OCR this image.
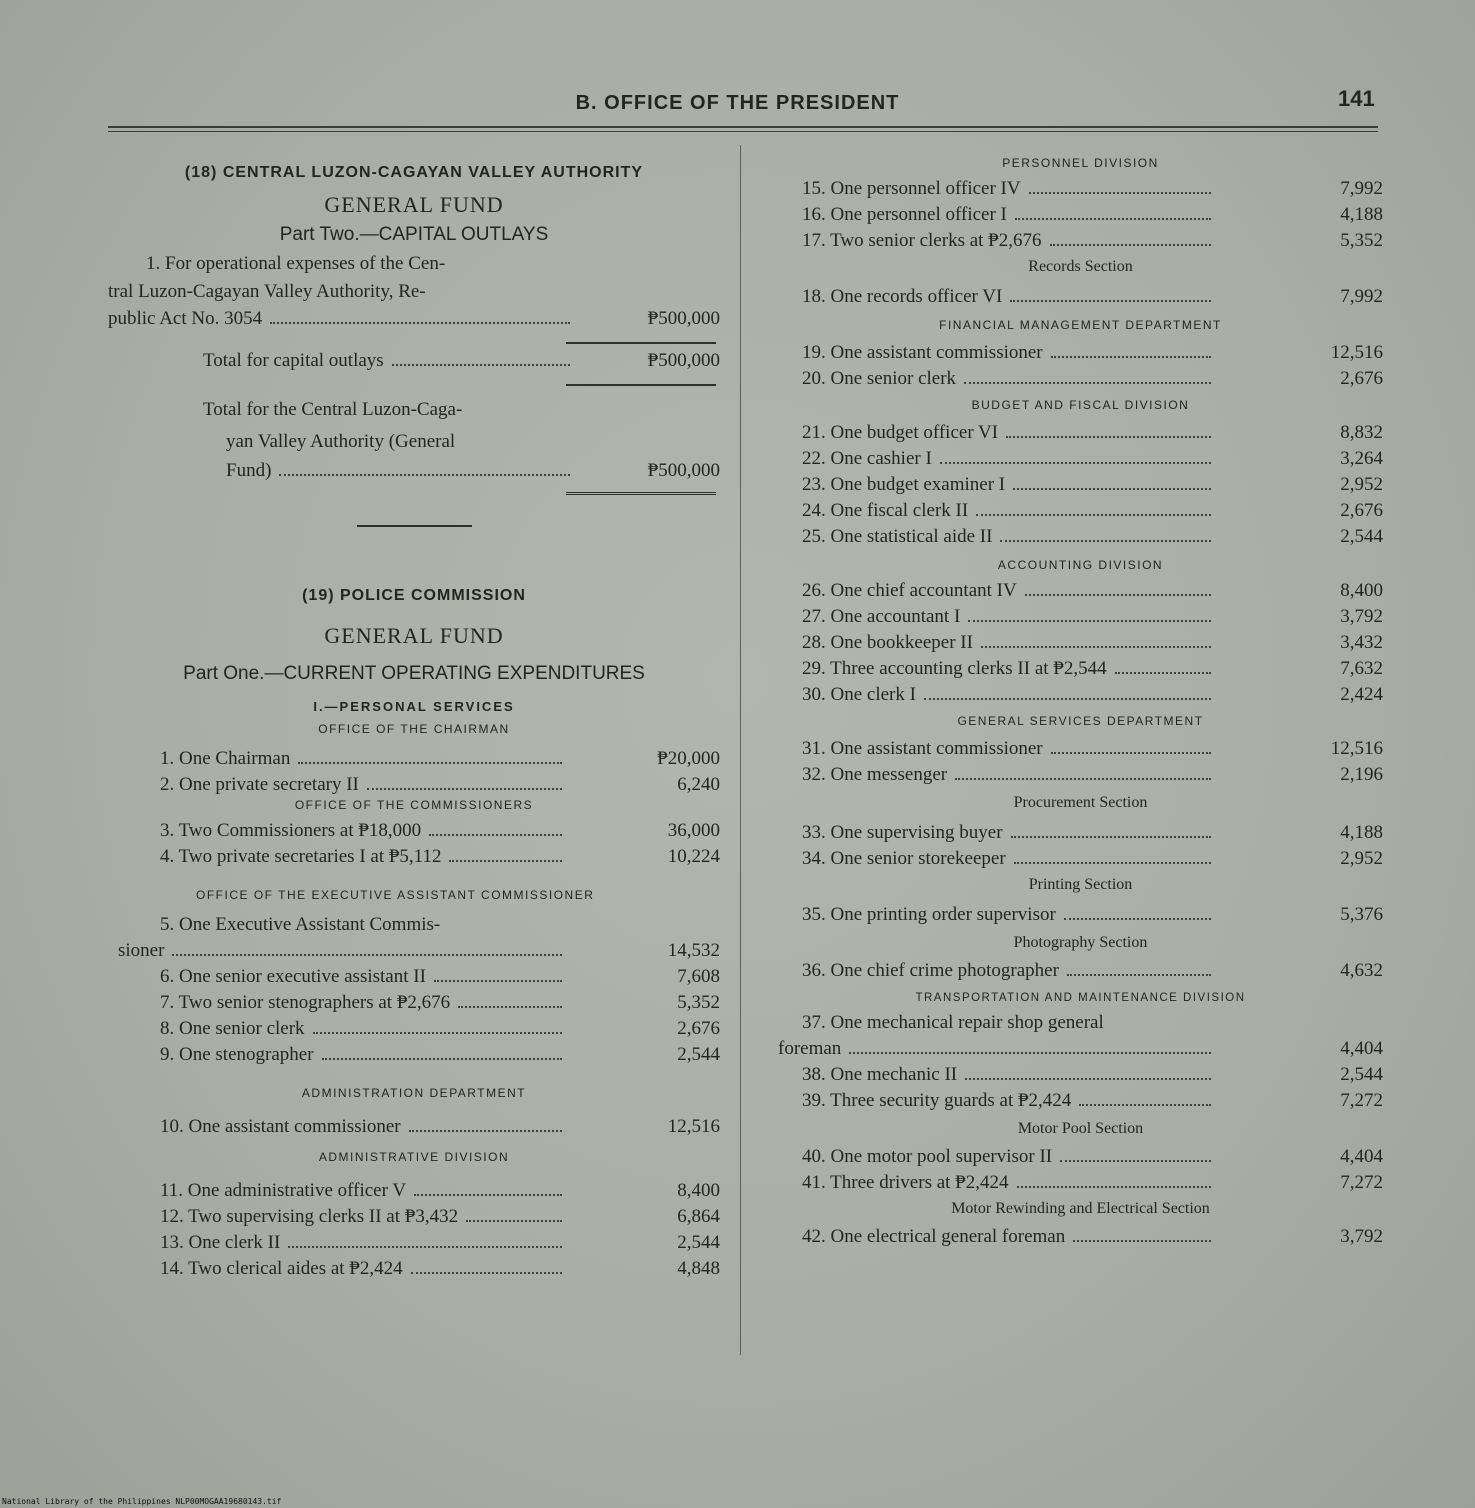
B. OFFICE OF THE PRESIDENT	141
(18) CENTRAL LUZON-CAGAYAN VALLEY AUTHORITY
GENERAL FUND
Part Two.—CAPITAL OUTLAYS
1. For operational expenses of the Cen-
tral Luzon-Cagayan Valley Authority, Re-
public Act No. 3054	₱500,000
Total for capital outlays	₱500,000
Total for the Central Luzon-Caga-
yan Valley Authority (General
Fund)	₱500,000
(19) POLICE COMMISSION
GENERAL FUND
Part One.—CURRENT OPERATING EXPENDITURES
I.—PERSONAL SERVICES
OFFICE OF THE CHAIRMAN
1. One Chairman	₱20,000
2. One private secretary II	6,240
OFFICE OF THE COMMISSIONERS
3. Two Commissioners at ₱18,000	36,000
4. Two private secretaries I at ₱5,112	10,224
OFFICE OF THE EXECUTIVE ASSISTANT COMMISSIONER
5. One Executive Assistant Commis-
sioner	14,532
6. One senior executive assistant II	7,608
7. Two senior stenographers at ₱2,676	5,352
8. One senior clerk	2,676
9. One stenographer	2,544
ADMINISTRATION DEPARTMENT
10. One assistant commissioner	12,516
ADMINISTRATIVE DIVISION
11. One administrative officer V	8,400
12. Two supervising clerks II at ₱3,432	6,864
13. One clerk II	2,544
14. Two clerical aides at ₱2,424	4,848
PERSONNEL DIVISION
15. One personnel officer IV	7,992
16. One personnel officer I	4,188
17. Two senior clerks at ₱2,676	5,352
Records Section
18. One records officer VI	7,992
FINANCIAL MANAGEMENT DEPARTMENT
19. One assistant commissioner	12,516
20. One senior clerk	2,676
BUDGET AND FISCAL DIVISION
21. One budget officer VI	8,832
22. One cashier I	3,264
23. One budget examiner I	2,952
24. One fiscal clerk II	2,676
25. One statistical aide II	2,544
ACCOUNTING DIVISION
26. One chief accountant IV	8,400
27. One accountant I	3,792
28. One bookkeeper II	3,432
29. Three accounting clerks II at ₱2,544	7,632
30. One clerk I	2,424
GENERAL SERVICES DEPARTMENT
31. One assistant commissioner	12,516
32. One messenger	2,196
Procurement Section
33. One supervising buyer	4,188
34. One senior storekeeper	2,952
Printing Section
35. One printing order supervisor	5,376
Photography Section
36. One chief crime photographer	4,632
TRANSPORTATION AND MAINTENANCE DIVISION
37. One mechanical repair shop general
foreman	4,404
38. One mechanic II	2,544
39. Three security guards at ₱2,424	7,272
Motor Pool Section
40. One motor pool supervisor II	4,404
41. Three drivers at ₱2,424	7,272
Motor Rewinding and Electrical Section
42. One electrical general foreman	3,792
National Library of the Philippines NLP00MOGAA19680143.tif
